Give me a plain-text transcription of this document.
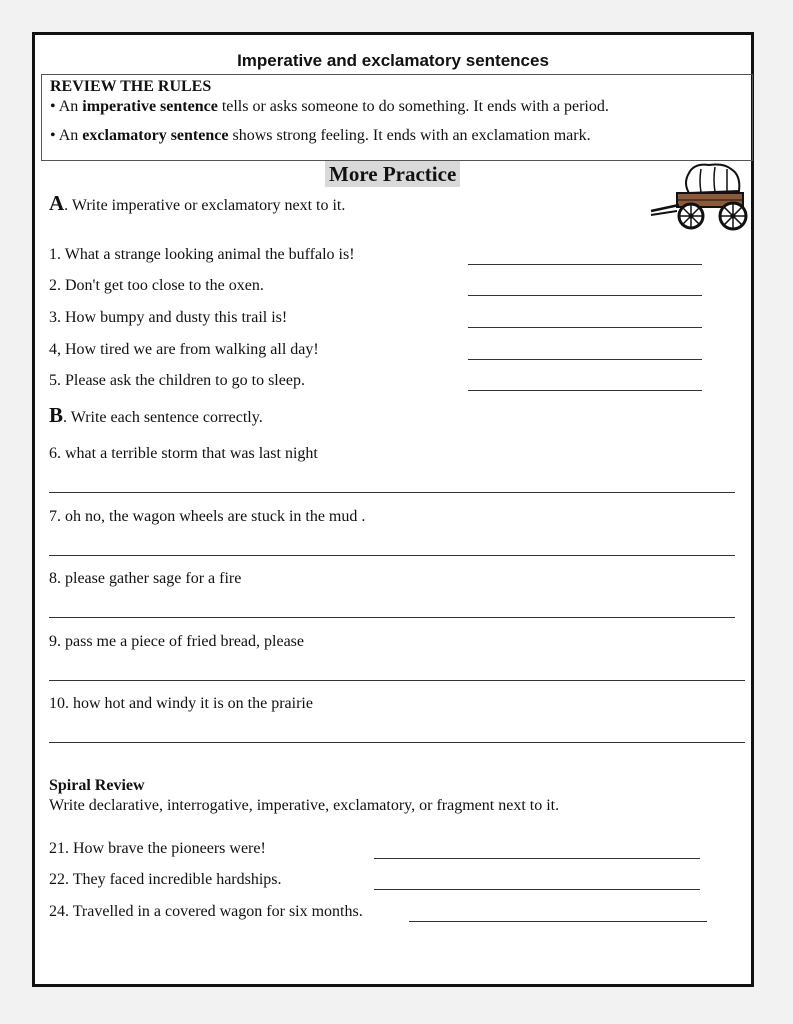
Imperative and exclamatory sentences
REVIEW THE RULES
• An imperative sentence tells or asks someone to do something. It ends with a period.
• An exclamatory sentence shows strong feeling. It ends with an exclamation mark.
More Practice
A. Write imperative or exclamatory next to it.
1. What a strange looking animal the buffalo is!
2. Don't get too close to the oxen.
3. How bumpy and dusty this trail is!
4, How tired we are from walking all day!
5. Please ask the children to go to sleep.
B. Write each sentence correctly.
6. what a terrible storm that was last night
7. oh no, the wagon wheels are stuck in the mud .
8. please gather sage for a fire
9. pass me a piece of fried bread, please
10. how hot and windy it is on the prairie
Spiral Review
Write declarative, interrogative, imperative, exclamatory, or fragment next to it.
21. How brave the pioneers were!
22. They faced incredible hardships.
24. Travelled in a covered wagon for six months.
